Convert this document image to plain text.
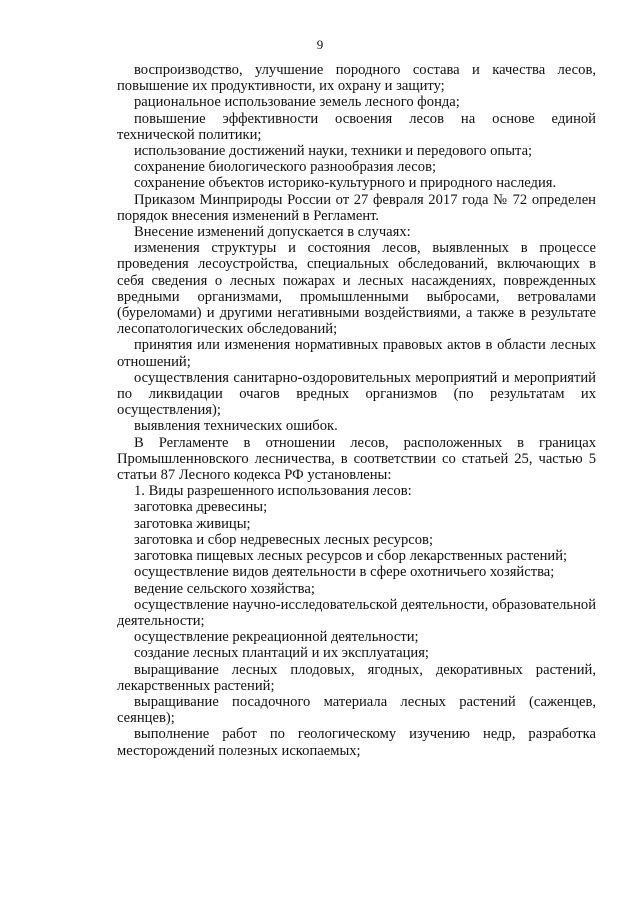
9

воспроизводство, улучшение породного состава и качества лесов, повышение их продуктивности, их охрану и защиту;

рациональное использование земель лесного фонда;

повышение эффективности освоения лесов на основе единой технической политики;

использование достижений науки, техники и передового опыта;

сохранение биологического разнообразия лесов;

сохранение объектов историко-культурного и природного наследия.

Приказом Минприроды России от 27 февраля 2017 года № 72 определен порядок внесения изменений в Регламент.

Внесение изменений допускается в случаях:

изменения структуры и состояния лесов, выявленных в процессе проведения лесоустройства, специальных обследований, включающих в себя сведения о лесных пожарах и лесных насаждениях, поврежденных вредными организмами, промышленными выбросами, ветровалами (буреломами) и другими негативными воздействиями, а также в результате лесопатологических обследований;

принятия или изменения нормативных правовых актов в области лесных отношений;

осуществления санитарно-оздоровительных мероприятий и мероприятий по ликвидации очагов вредных организмов (по результатам их осуществления);

выявления технических ошибок.

В Регламенте в отношении лесов, расположенных в границах Промышленновского лесничества, в соответствии со статьей 25, частью 5 статьи 87 Лесного кодекса РФ установлены:

1. Виды разрешенного использования лесов:

заготовка древесины;

заготовка живицы;

заготовка и сбор недревесных лесных ресурсов;

заготовка пищевых лесных ресурсов и сбор лекарственных растений;

осуществление видов деятельности в сфере охотничьего хозяйства;

ведение сельского хозяйства;

осуществление научно-исследовательской деятельности, образовательной деятельности;

осуществление рекреационной деятельности;

создание лесных плантаций и их эксплуатация;

выращивание лесных плодовых, ягодных, декоративных растений, лекарственных растений;

выращивание посадочного материала лесных растений (саженцев, сеянцев);

выполнение работ по геологическому изучению недр, разработка месторождений полезных ископаемых;
